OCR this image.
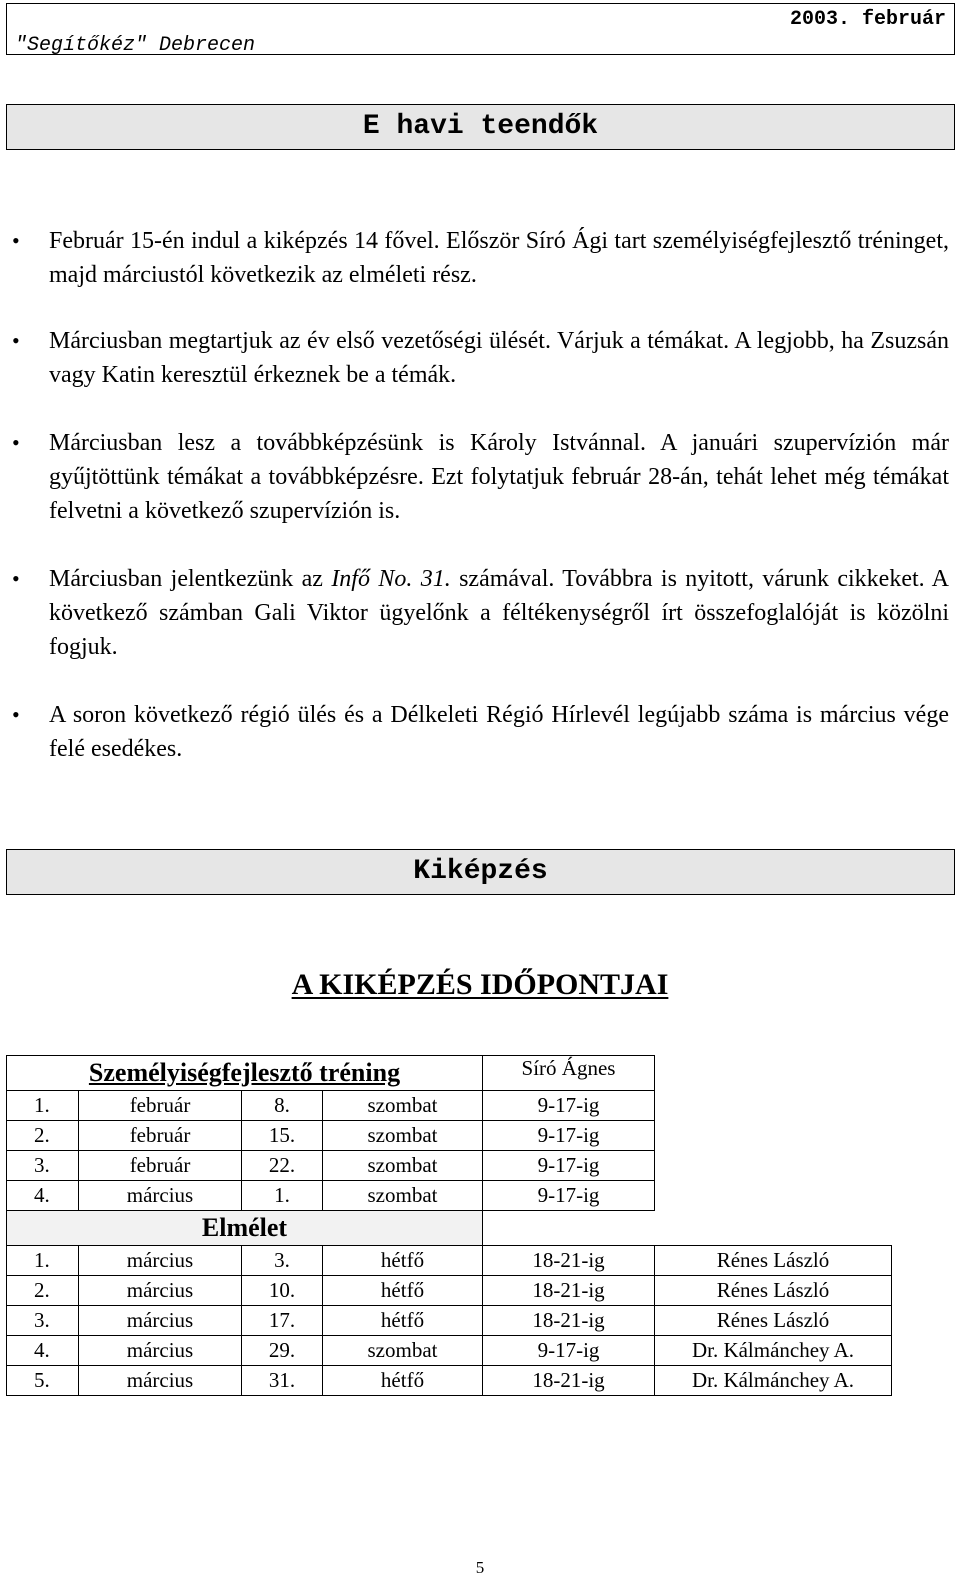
"Segítőkéz" Debrecen
2003. február
E havi teendők
• Február 15-én indul a kiképzés 14 fővel. Először Síró Ági tart személyiségfejlesztő tréninget, majd márciustól következik az elméleti rész.
• Márciusban megtartjuk az év első vezetőségi ülését. Várjuk a témákat. A legjobb, ha Zsuzsán vagy Katin keresztül érkeznek be a témák.
• Márciusban lesz a továbbképzésünk is Károly Istvánnal. A januári szupervízión már gyűjtöttünk témákat a továbbképzésre. Ezt folytatjuk február 28-án, tehát lehet még témákat felvetni a következő szupervízión is.
• Márciusban jelentkezünk az Infő No. 31. számával. Továbbra is nyitott, várunk cikkeket. A következő számban Gali Viktor ügyelőnk a féltékenységről írt összefoglalóját is közölni fogjuk.
• A soron következő régió ülés és a Délkeleti Régió Hírlevél legújabb száma is március vége felé esedékes.
Kiképzés
A KIKÉPZÉS IDŐPONTJAI
Személyiségfejlesztő tréning				Síró Ágnes	
1.	február	8.	szombat	9-17-ig	
2.	február	15.	szombat	9-17-ig	
3.	február	22.	szombat	9-17-ig	
4.	március	1.	szombat	9-17-ig	
Elmélet					
1.	március	3.	hétfő	18-21-ig	Rénes László
2.	március	10.	hétfő	18-21-ig	Rénes László
3.	március	17.	hétfő	18-21-ig	Rénes László
4.	március	29.	szombat	9-17-ig	Dr. Kálmánchey A.
5.	március	31.	hétfő	18-21-ig	Dr. Kálmánchey A.
5
